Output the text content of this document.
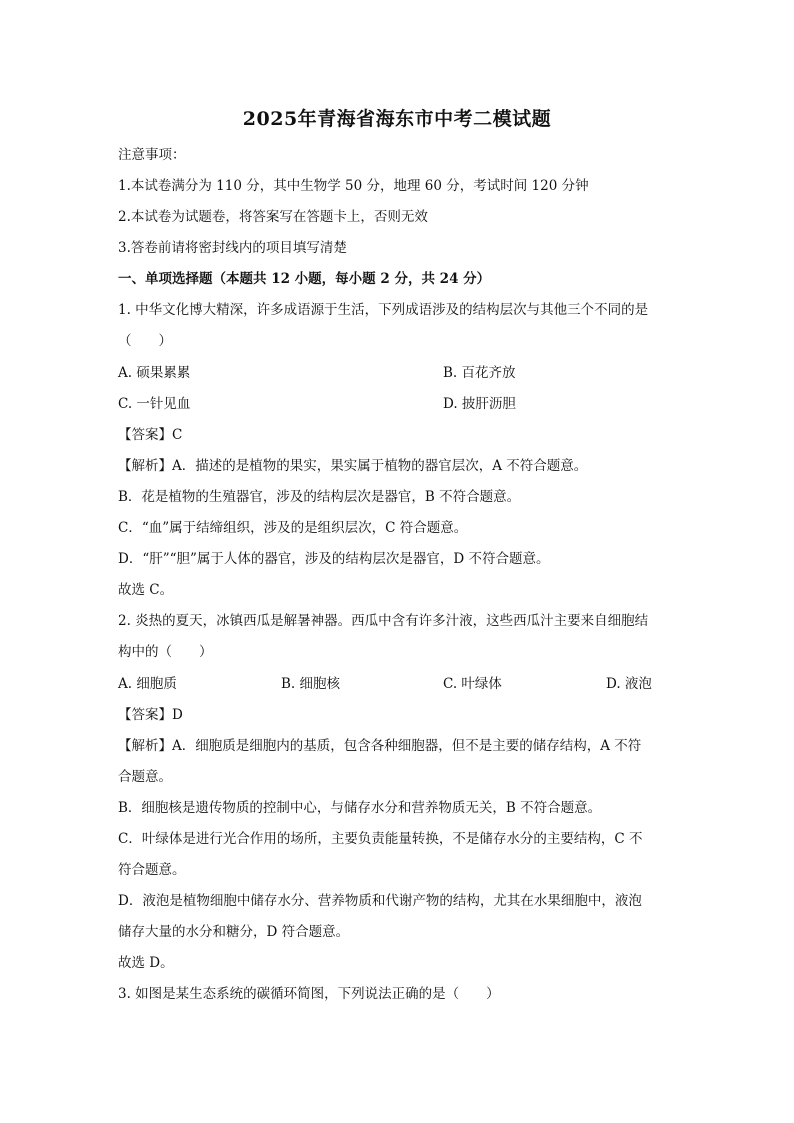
2025年青海省海东市中考二模试题
注意事项：
1.本试卷满分为 110 分，其中生物学 50 分，地理 60 分，考试时间 120 分钟
2.本试卷为试题卷，将答案写在答题卡上，否则无效
3.答卷前请将密封线内的项目填写清楚
一、单项选择题（本题共 12 小题，每小题 2 分，共 24 分）
1. 中华文化博大精深，许多成语源于生活，下列成语涉及的结构层次与其他三个不同的是
（　　）
A. 硕果累累	B. 百花齐放
C. 一针见血	D. 披肝沥胆
【答案】C
【解析】A．描述的是植物的果实，果实属于植物的器官层次，A 不符合题意。
B．花是植物的生殖器官，涉及的结构层次是器官，B 不符合题意。
C．“血”属于结缔组织，涉及的是组织层次，C 符合题意。
D．“肝”“胆”属于人体的器官，涉及的结构层次是器官，D 不符合题意。
故选 C。
2. 炎热的夏天，冰镇西瓜是解暑神器。西瓜中含有许多汁液，这些西瓜汁主要来自细胞结
构中的（　　）
A. 细胞质	B. 细胞核	C. 叶绿体	D. 液泡
【答案】D
【解析】A．细胞质是细胞内的基质，包含各种细胞器，但不是主要的储存结构，A 不符
合题意。
B．细胞核是遗传物质的控制中心，与储存水分和营养物质无关，B 不符合题意。
C．叶绿体是进行光合作用的场所，主要负责能量转换，不是储存水分的主要结构，C 不
符合题意。
D．液泡是植物细胞中储存水分、营养物质和代谢产物的结构，尤其在水果细胞中，液泡
储存大量的水分和糖分，D 符合题意。
故选 D。
3. 如图是某生态系统的碳循环简图，下列说法正确的是（　　）
